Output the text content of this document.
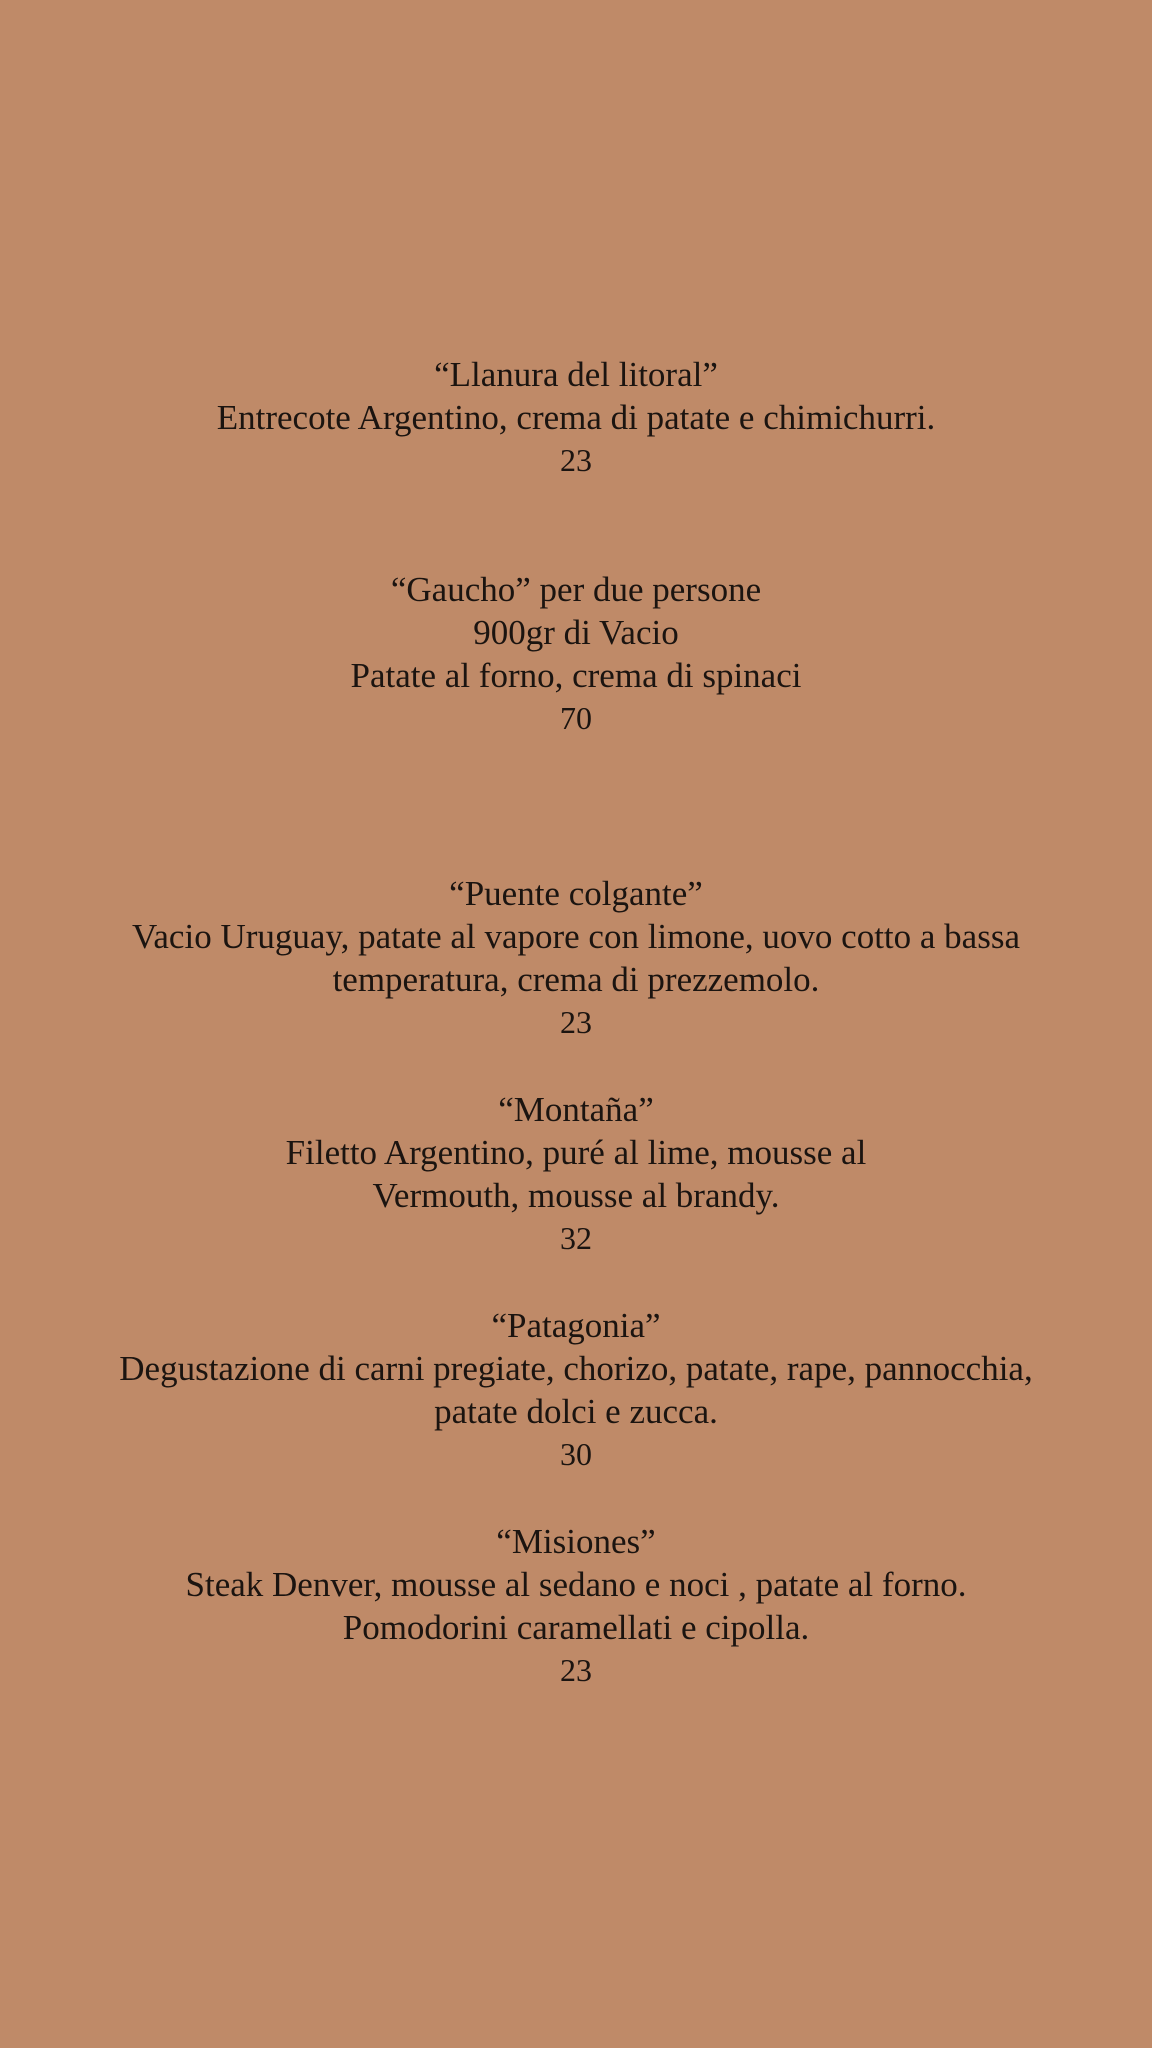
“Llanura del litoral”
Entrecote Argentino, crema di patate e chimichurri.
23
“Gaucho” per due persone
900gr di Vacio
Patate al forno, crema di spinaci
70
“Puente colgante”
Vacio Uruguay, patate al vapore con limone, uovo cotto a bassa
temperatura, crema di prezzemolo.
23
“Montaña”
Filetto Argentino, puré al lime, mousse al
Vermouth, mousse al brandy.
32
“Patagonia”
Degustazione di carni pregiate, chorizo, patate, rape, pannocchia,
patate dolci e zucca.
30
“Misiones”
Steak Denver, mousse al sedano e noci , patate al forno.
Pomodorini caramellati e cipolla.
23
